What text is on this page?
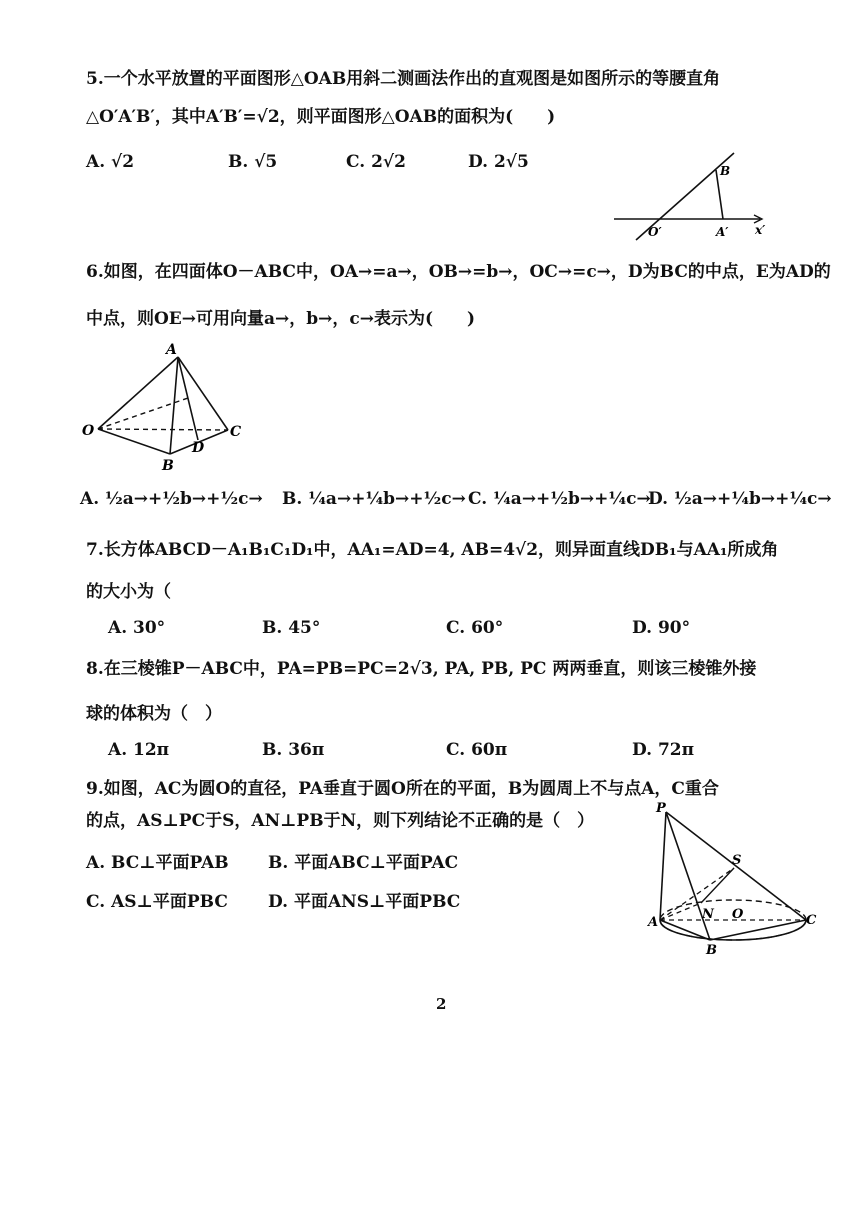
5.一个水平放置的平面图形△OAB用斜二测画法作出的直观图是如图所示的等腰直角
△O′A′B′，其中A′B′=√2，则平面图形△OAB的面积为(　　)
A. √2	B. √5	C. 2√2	D. 2√5	B
O′	A′ x′
6.如图，在四面体O－ABC中，OA→=a→，OB→=b→，OC→=c→，D为BC的中点，E为AD的
中点，则OE→可用向量a→，b→，c→表示为(　　)
A
O
B
C
D
A. ½a→+½b→+½c→ B. ¼a→+¼b→+½c→ C. ¼a→+½b→+¼c→
D. ½a→+¼b→+¼c→
7.长方体ABCD－A₁B₁C₁D₁中，AA₁=AD=4, AB=4√2，则异面直线DB₁与AA₁所成角
的大小为（
A. 30°	B. 45°	C. 60°	D. 90°
8.在三棱锥P－ABC中，PA=PB=PC=2√3, PA, PB, PC 两两垂直，则该三棱锥外接
球的体积为（　）
A. 12π	B. 36π	C. 60π	D. 72π
9.如图，AC为圆O的直径，PA垂直于圆O所在的平面，B为圆周上不与点A，C重合
的点，AS⊥PC于S，AN⊥PB于N，则下列结论不正确的是（　）
A. BC⊥平面PAB B. 平面ABC⊥平面PAC
C. AS⊥平面PBC D. 平面ANS⊥平面PBC
P
S
N O
A
B
C
2
